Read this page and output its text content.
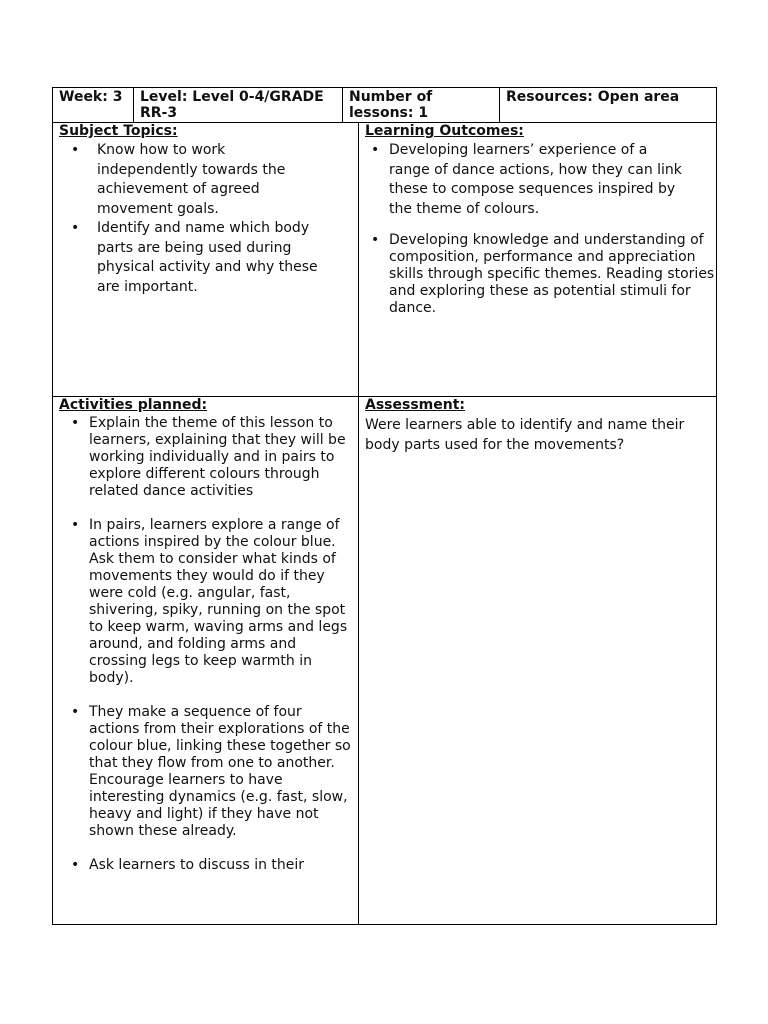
Week: 3	Level: Level 0-4/GRADE RR-3
Number of lessons: 1
Resources: Open area
Subject Topics:
• Know how to work independently towards the achievement of agreed movement goals.
• Identify and name which body parts are being used during physical activity and why these are important.
Learning Outcomes:
• Developing learners’ experience of a range of dance actions, how they can link these to compose sequences inspired by the theme of colours.
• Developing knowledge and understanding of composition, performance and appreciation skills through specific themes. Reading stories and exploring these as potential stimuli for dance.
Activities planned:
• Explain the theme of this lesson to learners, explaining that they will be working individually and in pairs to explore different colours through related dance activities
• In pairs, learners explore a range of actions inspired by the colour blue. Ask them to consider what kinds of movements they would do if they were cold (e.g. angular, fast, shivering, spiky, running on the spot to keep warm, waving arms and legs around, and folding arms and crossing legs to keep warmth in body).
• They make a sequence of four actions from their explorations of the colour blue, linking these together so that they flow from one to another. Encourage learners to have interesting dynamics (e.g. fast, slow, heavy and light) if they have not shown these already.
• Ask learners to discuss in their
Assessment:
Were learners able to identify and name their body parts used for the movements?
